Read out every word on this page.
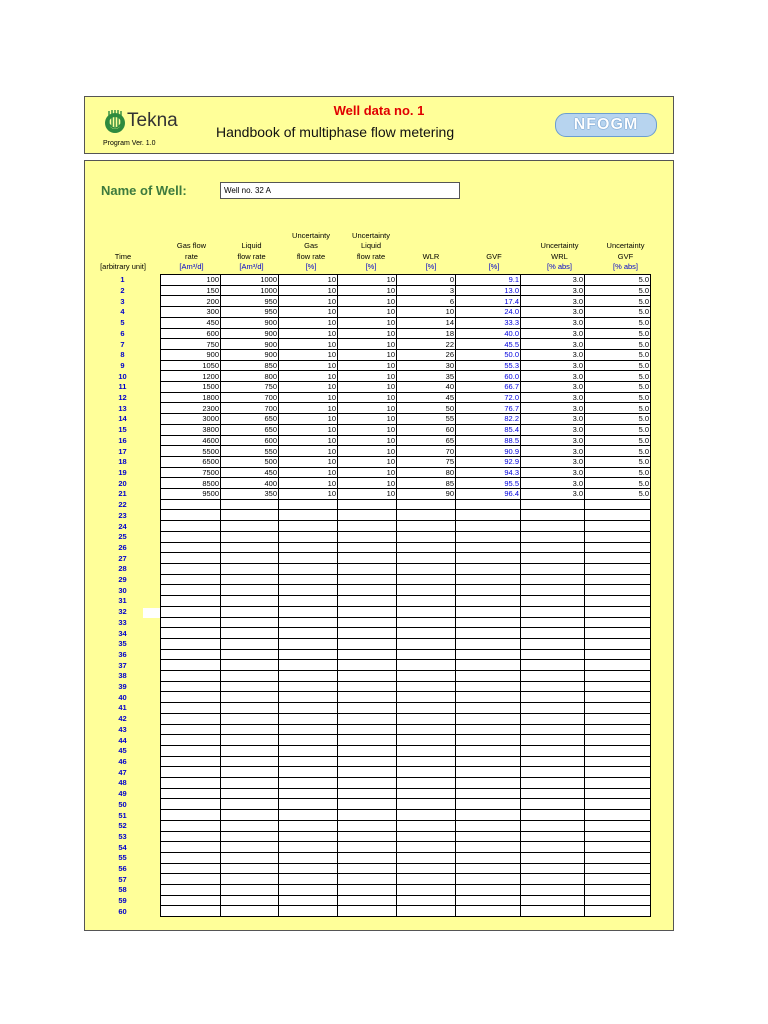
Tekna
Program Ver. 1.0
Well data no. 1
Handbook of multiphase flow metering	NFOGM
Name of Well:	Well no. 32 A
Time
[arbitrary unit]
Gas flow
rate
[Am³/d]
Liquid
flow rate
[Am³/d]
Uncertainty
Gas
flow rate
[%]
Uncertainty
Liquid
flow rate
[%]
WLR
[%]
GVF
[%]
Uncertainty
WRL
[% abs]
Uncertainty
GVF
[% abs]
1	100	1000	10	10	0	9.1	3.0	5.0
2	150	1000	10	10	3	13.0	3.0	5.0
3	200	950	10	10	6	17.4	3.0	5.0
4	300	950	10	10	10	24.0	3.0	5.0
5	450	900	10	10	14	33.3	3.0	5.0
6	600	900	10	10	18	40.0	3.0	5.0
7	750	900	10	10	22	45.5	3.0	5.0
8	900	900	10	10	26	50.0	3.0	5.0
9	1050	850	10	10	30	55.3	3.0	5.0
10	1200	800	10	10	35	60.0	3.0	5.0
11	1500	750	10	10	40	66.7	3.0	5.0
12	1800	700	10	10	45	72.0	3.0	5.0
13	2300	700	10	10	50	76.7	3.0	5.0
14	3000	650	10	10	55	82.2	3.0	5.0
15	3800	650	10	10	60	85.4	3.0	5.0
16	4600	600	10	10	65	88.5	3.0	5.0
17	5500	550	10	10	70	90.9	3.0	5.0
18	6500	500	10	10	75	92.9	3.0	5.0
19	7500	450	10	10	80	94.3	3.0	5.0
20	8500	400	10	10	85	95.5	3.0	5.0
21	9500	350	10	10	90	96.4	3.0	5.0
22								
23								
24								
25								
26								
27								
28								
29								
30								
31								
32								
33								
34								
35								
36								
37								
38								
39								
40								
41								
42								
43								
44								
45								
46								
47								
48								
49								
50								
51								
52								
53								
54								
55								
56								
57								
58								
59								
60								
